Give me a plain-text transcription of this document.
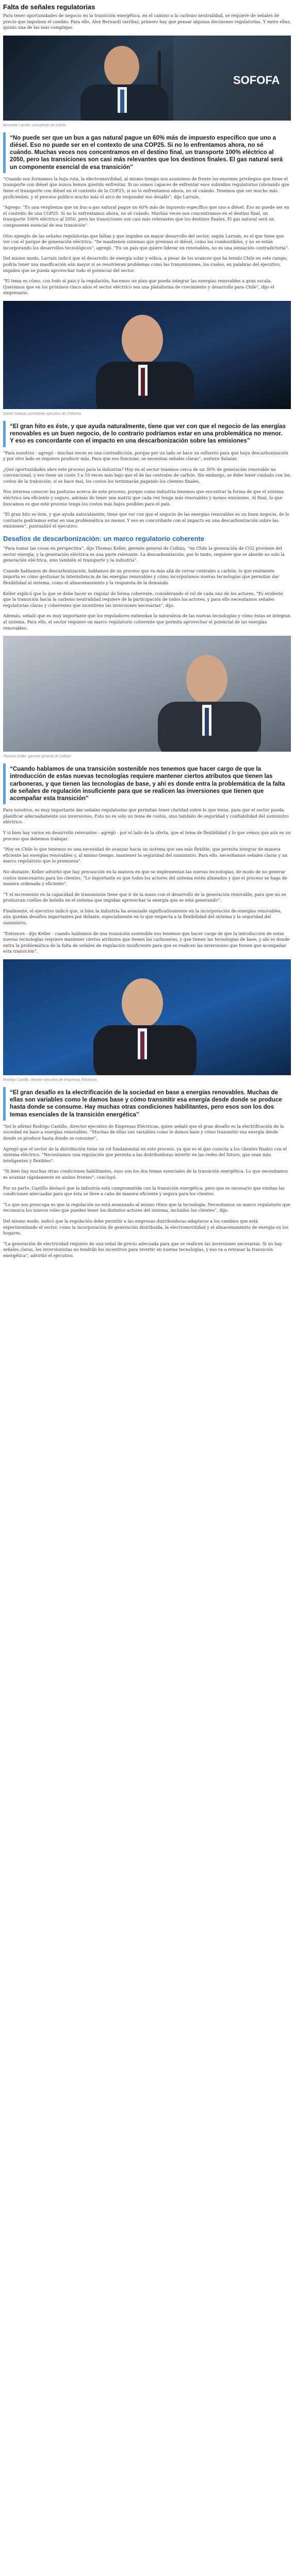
Falta de señales regulatorias

Para tener oportunidades de negocio en la transición energética, en el camino a la carbono neutralidad, se requiere de señales de precio que impulsen el cambio. Para ello, Alex Bernardi (arriba), primero hay que pensar algunas decisiones regulatorias. Y entre ellas, quizás una de las más complejas.

SOFOFA
Bernardo Larraín, presidente de Sofofa.
“No puede ser que un bus a gas natural pague un 60% más de impuesto específico que uno a diésel. Eso no puede ser en el contexto de una COP25. Si no lo enfrentamos ahora, no sé cuándo. Muchas veces nos concentramos en el destino final, un transporte 100% eléctrico al 2050, pero las transiciones son casi más relevantes que los destinos finales. El gas natural será un componente esencial de esa transición”

“Cuando nos formamos la hoja ruta, la electromovilidad, al mismo tiempo nos asumimos de frente los enormes privilegios que tiene el transporte con diésel que nunca hemos querido enfrentar. Si no somos capaces de enfrentar esos subsidios regulatorios (obviando que tiene el transporte con diésel en el contexto de la COP25, si no lo enfrentamos ahora, no sé cuándo. Tenemos que ser mucho más proficientes, y el proceso político mucho más el arco de responder eso desafío”, dijo Larraín.

“Agrego: “Es una vergüenza que un bus a gas natural pague un 60% más de impuesto específico que uno a diésel. Eso no puede ser en el contexto de una COP25. Si no lo enfrentamos ahora, no sé cuándo. Muchas veces nos concentramos en el destino final, un transporte 100% eléctrico al 2050, pero las transiciones son casi más relevantes que los destinos finales. El gas natural será un componente esencial de esa transición”.

Otro ejemplo de las señales regulatorias que faltan y que impiden un mayor desarrollo del sector, según Larraín, es el que tiene que ver con el parque de generación eléctrica. “Se mantienen sistemas que premian el diésel, como los combustibles, y no se están incorporando los desarrollos tecnológicos”, agregó. “En un país que quiere liderar en renovables, no es una sensación contradictoria”.

Del mismo modo, Larraín indicó que el desarrollo de energía solar y eólica, a pesar de los avances que ha tenido Chile en este campo, podría tener una masificación aún mayor si se resolvieran problemas como las transmisiones, los cuales, en palabras del ejecutivo, impiden que se pueda aprovechar todo el potencial del sector.

“El tema es cómo, con todo el país y la regulación, hacemos un plan que pueda integrar las energías renovables a gran escala. Queremos que en los próximos cinco años el sector eléctrico sea una plataforma de crecimiento y desarrollo para Chile”, dijo el empresario.

Daniel Salazar, presidente ejecutivo de Chilectra.
“El gran hito es éste, y que ayuda naturalmente, tiene que ver con que el negocio de las energías renovables es un buen negocio, de lo contrario podríamos estar en una problemática no menor. Y eso es concordante con el impacto en una descarbonización sobre las emisiones”

“Para nosotros - agregó - muchas veces es una contradicción, porque por un lado se hace un esfuerzo para que haya descarbonización y por otro lado se requiere producir más. Para que eso funcione, se necesitan señales claras”, sostuvo Salazar.

¿Qué oportunidades abre este proceso para la industria? Hoy en el sector tenemos cerca de un 30% de generación renovable no convencional, y eso tiene un costo 3 a 10 veces más bajo que el de las centrales de carbón. Sin embargo, se debe tener cuidado con los costos de la transición; si se hace mal, los costos los terminarán pagando los clientes finales.

Nos interesa conocer las posturas acerca de este proceso, porque como industria tenemos que encontrar la forma de que el sistema eléctrico sea eficiente y seguro, además de tener una matriz que cada vez tenga más renovables y menos emisiones. Al final, lo que buscamos es que este proceso tenga los costos más bajos posibles para el país.

“El gran hito es éste, y que ayuda naturalmente, tiene que ver con que el negocio de las energías renovables es un buen negocio, de lo contrario podríamos estar en una problemática no menor. Y eso es concordante con el impacto en una descarbonización sobre las emisiones”, puntualizó el ejecutivo.

Desafíos de descarbonización: un marco regulatorio coherente

“Para tomar las cosas en perspectiva”, dijo Thomas Keller, gerente general de Colbún, “en Chile la generación de CO2 proviene del sector energía, y la generación eléctrica es una parte relevante. La descarbonización, por lo tanto, requiere que se aborde no solo la generación eléctrica, sino también el transporte y la industria”.

Cuando hablamos de descarbonización, hablamos de un proceso que va más allá de cerrar centrales a carbón; lo que realmente importa es cómo gestionar la intermitencia de las energías renovables y cómo incorporamos nuevas tecnologías que permitan dar flexibilidad al sistema, como el almacenamiento y la respuesta de la demanda.

Keller explicó que lo que se debe hacer es regular de forma coherente, considerando el rol de cada uno de los actores. “Es evidente que la transición hacia la carbono neutralidad requiere de la participación de todos los actores, y para ello necesitamos señales regulatorias claras y coherentes que incentiven las inversiones necesarias”, dijo.

Además, señaló que es muy importante que los reguladores entiendan la naturaleza de las nuevas tecnologías y cómo éstas se integran al sistema. Para ello, el sector requiere un marco regulatorio coherente que permita aprovechar el potencial de las energías renovables.

Thomas Keller, gerente general de Colbún.
“Cuando hablamos de una transición sostenible nos tenemos que hacer cargo de que la introducción de estas nuevas tecnologías requiere mantener ciertos atributos que tienen las carboneras, y que tienen las tecnologías de base, y ahí es donde entra la problemática de la falta de señales de regulación insuficiente para que se realicen las inversiones que tienen que acompañar esta transición”

Para nosotros, es muy importante dar señales regulatorias que permitan tener claridad sobre lo que viene, para que el sector pueda planificar adecuadamente sus inversiones. Esto no es solo un tema de costos, sino también de seguridad y confiabilidad del suministro eléctrico.

Y si bien hay varios en desarrollo relevantes - agregó - por el lado de la oferta, que el tema de flexibilidad y lo que vemos que aún es un proceso que debemos trabajar.

“Hoy en Chile lo que tenemos es una necesidad de avanzar hacia un sistema que sea más flexible, que permita integrar de manera eficiente las energías renovables y, al mismo tiempo, mantener la seguridad del suministro. Para ello, necesitamos señales claras y un marco regulatorio que lo promueva”.

No obstante, Keller advirtió que hay precaución en la manera en que se implementan las nuevas tecnologías, de modo de no generar costos innecesarios para los clientes. “Lo importante es que todos los actores del sistema estén alineados y que el proceso se haga de manera ordenada y eficiente”.

“Y el incremento en la capacidad de transmisión tiene que ir de la mano con el desarrollo de la generación renovable, para que no se produzcan cuellos de botella en el sistema que impidan aprovechar la energía que se está generando”.

Finalmente, el ejecutivo indicó que, si bien la industria ha avanzado significativamente en la incorporación de energías renovables, aún quedan desafíos importantes por delante, especialmente en lo que respecta a la flexibilidad del sistema y la seguridad del suministro.

“Entonces - dijo Keller - cuando hablamos de una transición sostenible nos tenemos que hacer cargo de que la introducción de estas nuevas tecnologías requiere mantener ciertos atributos que tienen las carboneras, y que tienen las tecnologías de base, y ahí es donde entra la problemática de la falta de señales de regulación insuficiente para que se realicen las inversiones que tienen que acompañar esta transición”.

Rodrigo Castillo, director ejecutivo de Empresas Eléctricas.
“El gran desafío es la electrificación de la sociedad en base a energías renovables. Muchas de ellas son variables como le damos base y cómo transmitir esa energía desde donde se produce hasta donde se consume. Hay muchas otras condiciones habilitantes, pero esos son los dos temas esenciales de la transición energética”

“Así lo afirmó Rodrigo Castillo, director ejecutivo de Empresas Eléctricas, quien señaló que el gran desafío es la electrificación de la sociedad en base a energías renovables. “Muchas de ellas son variables como le damos base y cómo transmitir esa energía desde donde se produce hasta donde se consume”.

Agregó que el sector de la distribución tiene un rol fundamental en este proceso, ya que es el que conecta a los clientes finales con el sistema eléctrico. “Necesitamos una regulación que permita a las distribuidoras invertir en las redes del futuro, que sean más inteligentes y flexibles”.

“Si bien hay muchas otras condiciones habilitantes, esos son los dos temas esenciales de la transición energética. Lo que necesitamos es avanzar rápidamente en ambos frentes”, concluyó.

Por su parte, Castillo destacó que la industria está comprometida con la transición energética, pero que es necesario que existan las condiciones adecuadas para que ésta se lleve a cabo de manera eficiente y segura para los clientes.

“Lo que nos preocupa es que la regulación no está avanzando al mismo ritmo que la tecnología. Necesitamos un marco regulatorio que reconozca los nuevos roles que pueden tener los distintos actores del sistema, incluidos los clientes”, dijo.

Del mismo modo, indicó que la regulación debe permitir a las empresas distribuidoras adaptarse a los cambios que está experimentando el sector, como la incorporación de generación distribuida, la electromovilidad y el almacenamiento de energía en los hogares.

“La generación de electricidad requiere de una señal de precio adecuada para que se realicen las inversiones necesarias. Si no hay señales claras, los inversionistas no tendrán los incentivos para invertir en nuevas tecnologías, y eso va a retrasar la transición energética”, advirtió el ejecutivo.
